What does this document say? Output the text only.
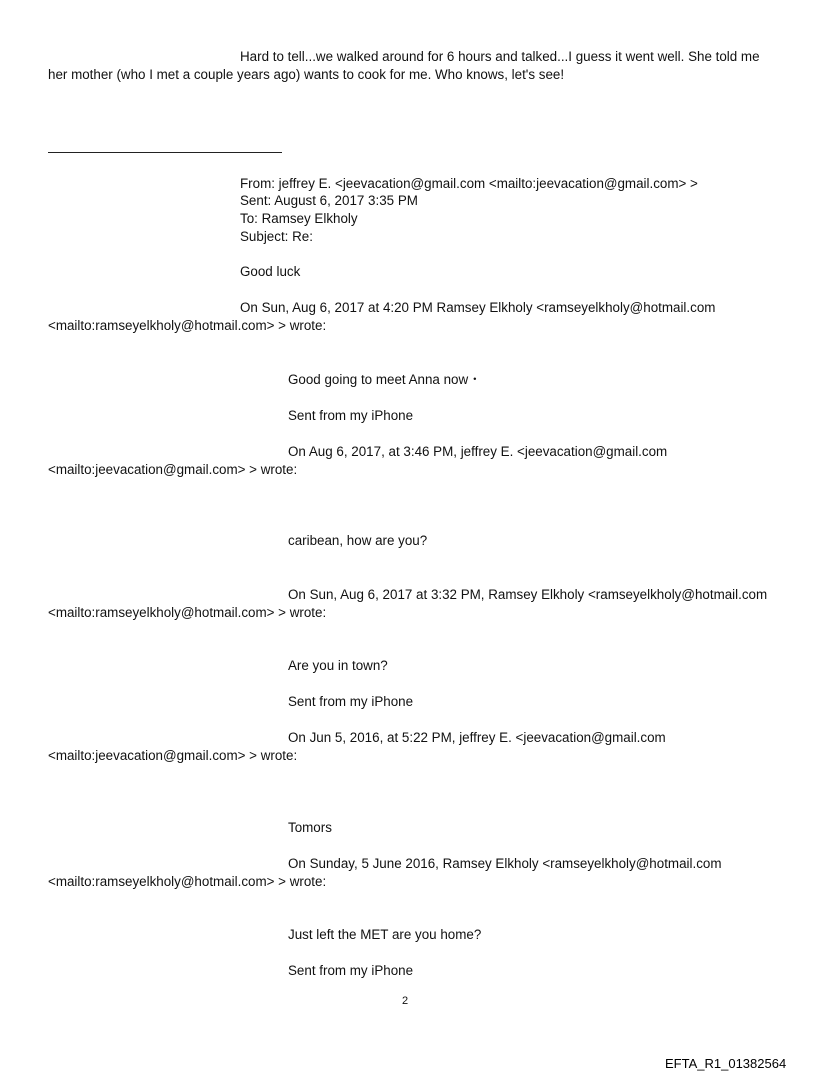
Hard to tell...we walked around for 6 hours and talked...I guess it went well. She told me
her mother (who I met a couple years ago) wants to cook for me. Who knows, let's see!
From: jeffrey E. <jeevacation@gmail.com <mailto:jeevacation@gmail.com> >
Sent: August 6, 2017 3:35 PM
To: Ramsey Elkholy
Subject: Re:
Good luck
On Sun, Aug 6, 2017 at 4:20 PM Ramsey Elkholy <ramseyelkholy@hotmail.com
<mailto:ramseyelkholy@hotmail.com> > wrote:
Good going to meet Anna now・
Sent from my iPhone
On Aug 6, 2017, at 3:46 PM, jeffrey E. <jeevacation@gmail.com
<mailto:jeevacation@gmail.com> > wrote:
caribean, how are you?
On Sun, Aug 6, 2017 at 3:32 PM, Ramsey Elkholy <ramseyelkholy@hotmail.com
<mailto:ramseyelkholy@hotmail.com> > wrote:
Are you in town?
Sent from my iPhone
On Jun 5, 2016, at 5:22 PM, jeffrey E. <jeevacation@gmail.com
<mailto:jeevacation@gmail.com> > wrote:
Tomors
On Sunday, 5 June 2016, Ramsey Elkholy <ramseyelkholy@hotmail.com
<mailto:ramseyelkholy@hotmail.com> > wrote:
Just left the MET are you home?
Sent from my iPhone
2
EFTA_R1_01382564
